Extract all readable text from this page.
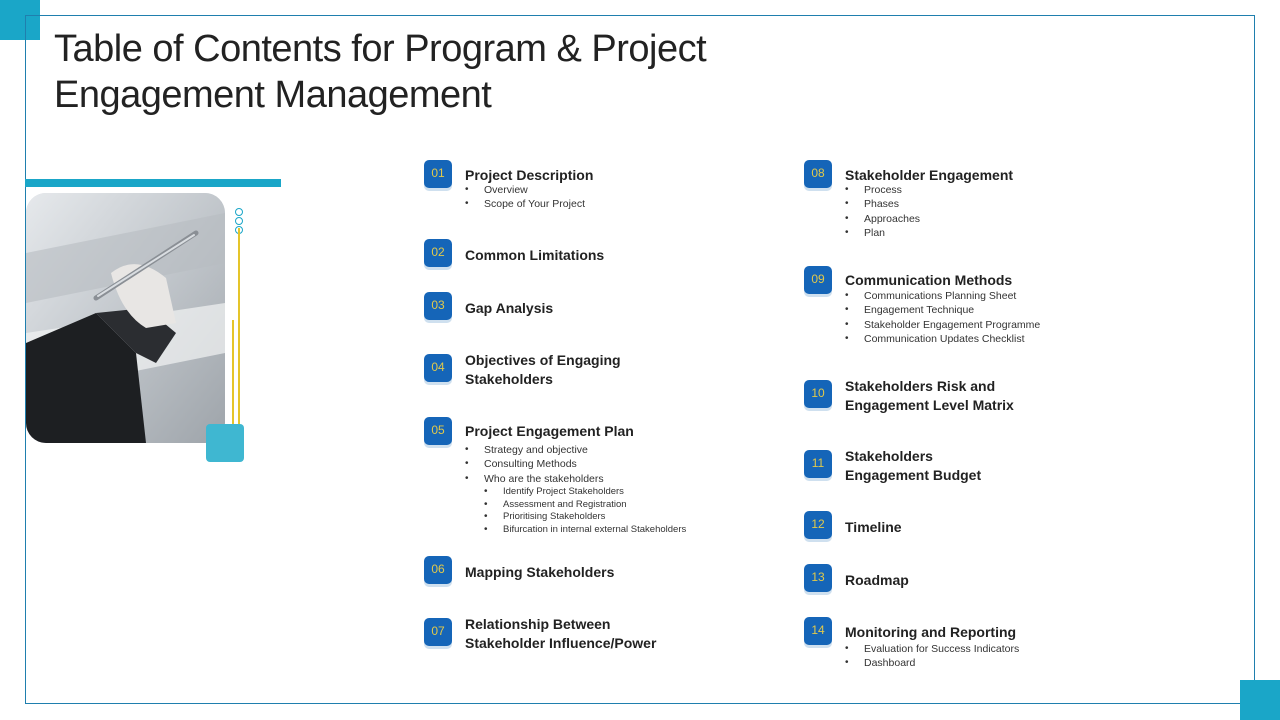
Table of Contents for Program & Project
Engagement Management
01	Project Description
• Overview
• Scope of Your Project
02	Common Limitations
03	Gap Analysis
04	Objectives of Engaging
Stakeholders
05	Project Engagement Plan
• Strategy and objective
• Consulting Methods
• Who are the stakeholders
• Identify Project Stakeholders
• Assessment and Registration
• Prioritising Stakeholders
• Bifurcation in internal external Stakeholders
06	Mapping Stakeholders
07	Relationship Between
Stakeholder Influence/Power
08	Stakeholder Engagement
• Process
• Phases
• Approaches
• Plan
09	Communication Methods
• Communications Planning Sheet
• Engagement Technique
• Stakeholder Engagement Programme
• Communication Updates Checklist
10	Stakeholders Risk and
Engagement Level Matrix
11	Stakeholders
Engagement Budget
12	Timeline
13	Roadmap
14	Monitoring and Reporting
• Evaluation for Success Indicators
• Dashboard
